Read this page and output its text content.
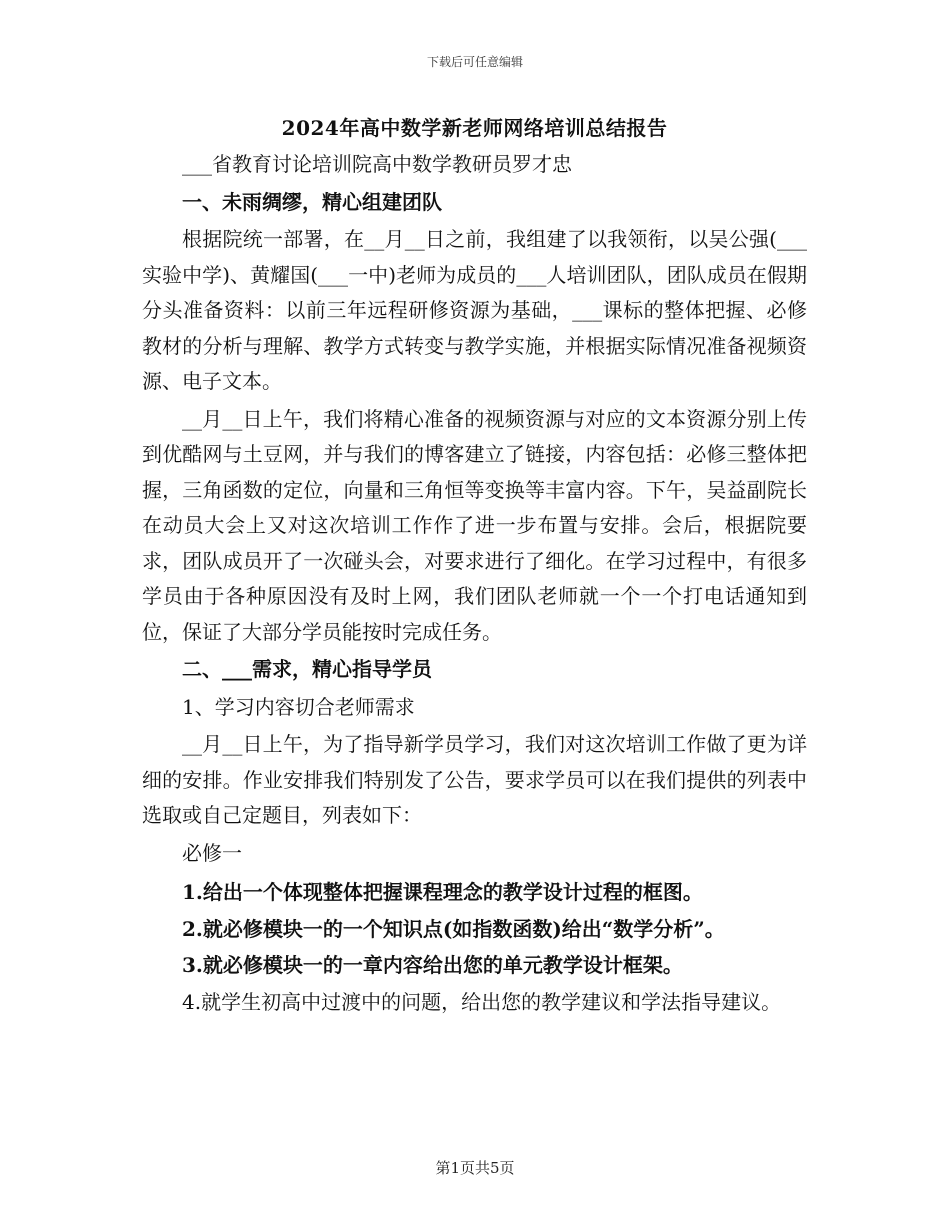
下载后可任意编辑
2024年高中数学新老师网络培训总结报告

___省教育讨论培训院高中数学教研员罗才忠

一、未雨绸缪，精心组建团队

根据院统一部署，在__月__日之前，我组建了以我领衔，以吴公强(___实验中学)、黄耀国(___一中)老师为成员的___人培训团队，团队成员在假期分头准备资料：以前三年远程研修资源为基础，___课标的整体把握、必修教材的分析与理解、教学方式转变与教学实施，并根据实际情况准备视频资源、电子文本。

__月__日上午，我们将精心准备的视频资源与对应的文本资源分别上传到优酷网与土豆网，并与我们的博客建立了链接，内容包括：必修三整体把握，三角函数的定位，向量和三角恒等变换等丰富内容。下午，吴益副院长在动员大会上又对这次培训工作作了进一步布置与安排。会后，根据院要求，团队成员开了一次碰头会，对要求进行了细化。在学习过程中，有很多学员由于各种原因没有及时上网，我们团队老师就一个一个打电话通知到位，保证了大部分学员能按时完成任务。

二、___需求，精心指导学员

1、学习内容切合老师需求

__月__日上午，为了指导新学员学习，我们对这次培训工作做了更为详细的安排。作业安排我们特别发了公告，要求学员可以在我们提供的列表中选取或自己定题目，列表如下：

必修一

1.给出一个体现整体把握课程理念的教学设计过程的框图。

2.就必修模块一的一个知识点(如指数函数)给出“数学分析”。

3.就必修模块一的一章内容给出您的单元教学设计框架。

4.就学生初高中过渡中的问题，给出您的教学建议和学法指导建议。

第1页共5页
